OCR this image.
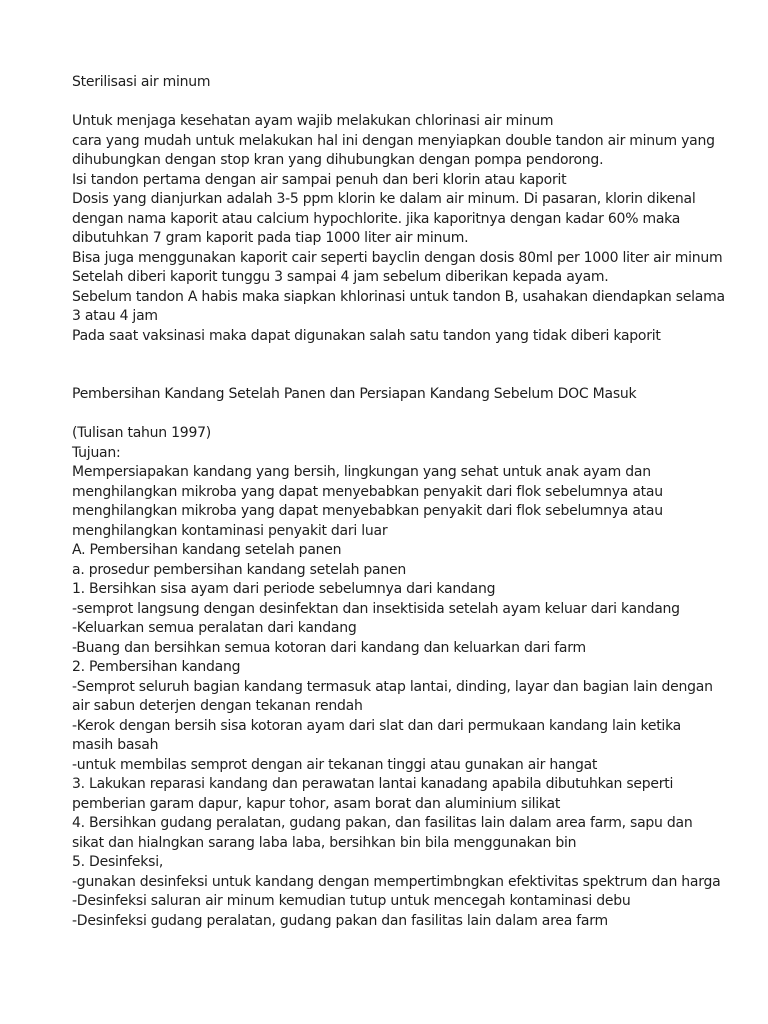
Sterilisasi air minum
Untuk menjaga kesehatan ayam wajib melakukan chlorinasi air minum
cara yang mudah untuk melakukan hal ini dengan menyiapkan double tandon air minum yang
dihubungkan dengan stop kran yang dihubungkan dengan pompa pendorong.
Isi tandon pertama dengan air sampai penuh dan beri klorin atau kaporit
Dosis yang dianjurkan adalah 3-5 ppm klorin ke dalam air minum. Di pasaran, klorin dikenal
dengan nama kaporit atau calcium hypochlorite. jika kaporitnya dengan kadar 60% maka
dibutuhkan 7 gram kaporit pada tiap 1000 liter air minum.
Bisa juga menggunakan kaporit cair seperti bayclin dengan dosis 80ml per 1000 liter air minum
Setelah diberi kaporit tunggu 3 sampai 4 jam sebelum diberikan kepada ayam.
Sebelum tandon A habis maka siapkan khlorinasi untuk tandon B, usahakan diendapkan selama
3 atau 4 jam
Pada saat vaksinasi maka dapat digunakan salah satu tandon yang tidak diberi kaporit
Pembersihan Kandang Setelah Panen dan Persiapan Kandang Sebelum DOC Masuk
(Tulisan tahun 1997)
Tujuan:
Mempersiapakan kandang yang bersih, lingkungan yang sehat untuk anak ayam dan
menghilangkan mikroba yang dapat menyebabkan penyakit dari flok sebelumnya atau
menghilangkan mikroba yang dapat menyebabkan penyakit dari flok sebelumnya atau
menghilangkan kontaminasi penyakit dari luar
A. Pembersihan kandang setelah panen
a. prosedur pembersihan kandang setelah panen
1. Bersihkan sisa ayam dari periode sebelumnya dari kandang
-semprot langsung dengan desinfektan dan insektisida setelah ayam keluar dari kandang
-Keluarkan semua peralatan dari kandang
-Buang dan bersihkan semua kotoran dari kandang dan keluarkan dari farm
2. Pembersihan kandang
-Semprot seluruh bagian kandang termasuk atap lantai, dinding, layar dan bagian lain dengan
air sabun deterjen dengan tekanan rendah
-Kerok dengan bersih sisa kotoran ayam dari slat dan dari permukaan kandang lain ketika
masih basah
-untuk membilas semprot dengan air tekanan tinggi atau gunakan air hangat
3. Lakukan reparasi kandang dan perawatan lantai kanadang apabila dibutuhkan seperti
pemberian garam dapur, kapur tohor, asam borat dan aluminium silikat
4. Bersihkan gudang peralatan, gudang pakan, dan fasilitas lain dalam area farm, sapu dan
sikat dan hialngkan sarang laba laba, bersihkan bin bila menggunakan bin
5. Desinfeksi,
-gunakan desinfeksi untuk kandang dengan mempertimbngkan efektivitas spektrum dan harga
-Desinfeksi saluran air minum kemudian tutup untuk mencegah kontaminasi debu
-Desinfeksi gudang peralatan, gudang pakan dan fasilitas lain dalam area farm
